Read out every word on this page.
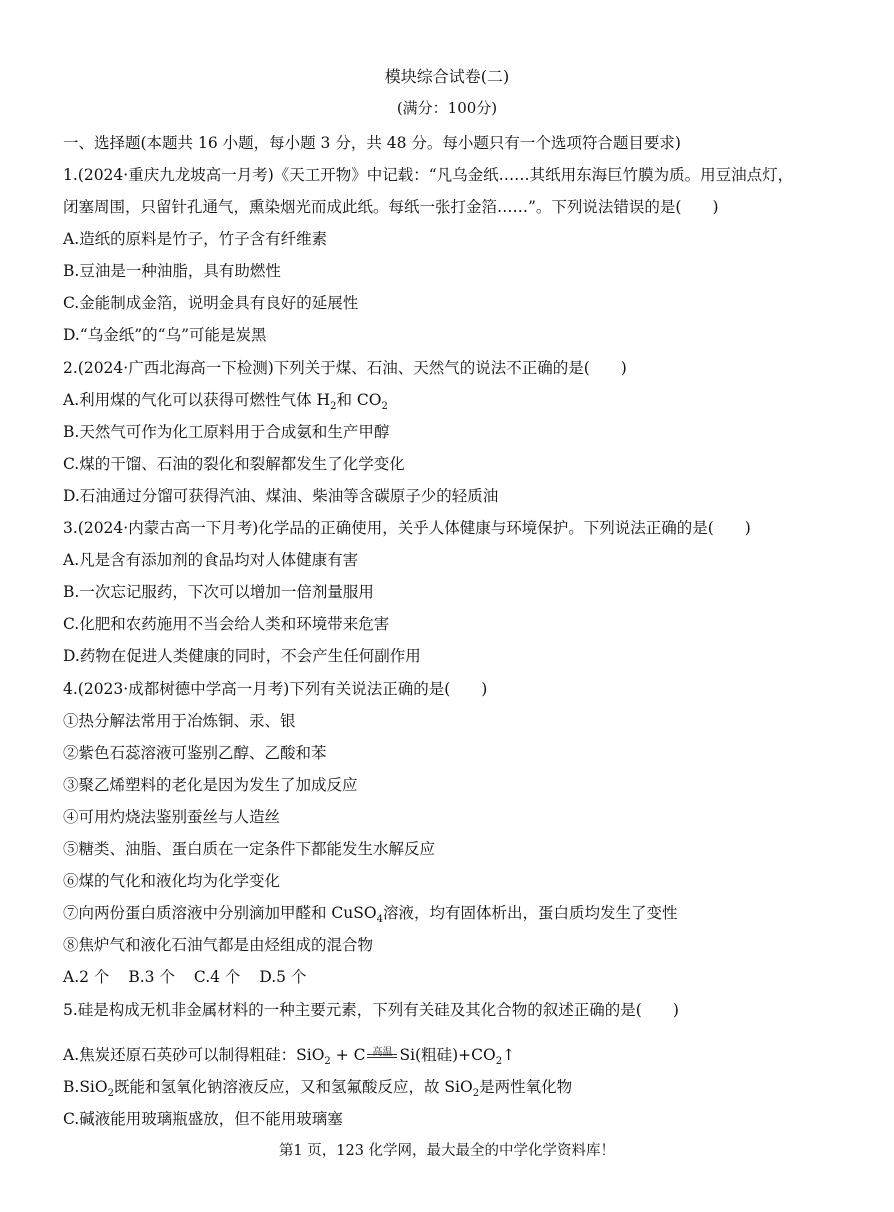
模块综合试卷(二)
(满分：100分)
一、选择题(本题共 16 小题，每小题 3 分，共 48 分。每小题只有一个选项符合题目要求)
1.(2024·重庆九龙坡高一月考)《天工开物》中记载：“凡乌金纸……其纸用东海巨竹膜为质。用豆油点灯，
闭塞周围，只留针孔通气，熏染烟光而成此纸。每纸一张打金箔……”。下列说法错误的是(　　)
A.造纸的原料是竹子，竹子含有纤维素
B.豆油是一种油脂，具有助燃性
C.金能制成金箔，说明金具有良好的延展性
D.“乌金纸”的“乌”可能是炭黑
2.(2024·广西北海高一下检测)下列关于煤、石油、天然气的说法不正确的是(　　)
A.利用煤的气化可以获得可燃性气体 $H_2$和 $CO_2$
B.天然气可作为化工原料用于合成氨和生产甲醇
C.煤的干馏、石油的裂化和裂解都发生了化学变化
D.石油通过分馏可获得汽油、煤油、柴油等含碳原子少的轻质油
3.(2024·内蒙古高一下月考)化学品的正确使用，关乎人体健康与环境保护。下列说法正确的是(　　)
A.凡是含有添加剂的食品均对人体健康有害
B.一次忘记服药，下次可以增加一倍剂量服用
C.化肥和农药施用不当会给人类和环境带来危害
D.药物在促进人类健康的同时，不会产生任何副作用
4.(2023·成都树德中学高一月考)下列有关说法正确的是(　　)
①热分解法常用于冶炼铜、汞、银
②紫色石蕊溶液可鉴别乙醇、乙酸和苯
③聚乙烯塑料的老化是因为发生了加成反应
④可用灼烧法鉴别蚕丝与人造丝
⑤糖类、油脂、蛋白质在一定条件下都能发生水解反应
⑥煤的气化和液化均为化学变化
⑦向两份蛋白质溶液中分别滴加甲醛和 CuSO$_4$溶液，均有固体析出，蛋白质均发生了变性
⑧焦炉气和液化石油气都是由烃组成的混合物
A.2 个 B.3 个 C.4 个 D.5 个
5.硅是构成无机非金属材料的一种主要元素，下列有关硅及其化合物的叙述正确的是(　　)
A.焦炭还原石英砂可以制得粗硅：SiO$_2$ + C 高温 Si(粗硅)$+CO_2↑$
B.SiO$_2$既能和氢氧化钠溶液反应，又和氢氟酸反应，故 SiO$_2$是两性氧化物
C.碱液能用玻璃瓶盛放，但不能用玻璃塞
第1 页，123 化学网，最大最全的中学化学资料库！
